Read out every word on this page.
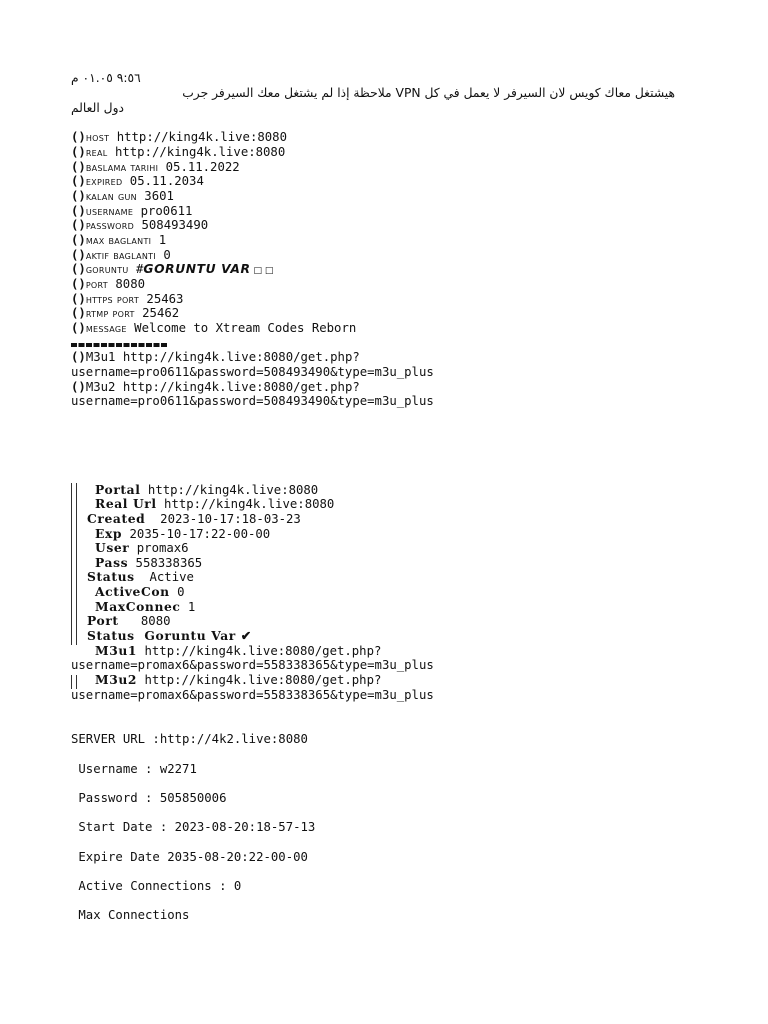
٩:٥٦ ٠١.٠٥ م
هيشتغل معاك كويس لان السيرفر لا يعمل في كل VPN ملاحظة إذا لم يشتغل معك السيرفر جرب
دول العالم
()host http://king4k.live:8080
()real http://king4k.live:8080
()baslama tarıhı 05.11.2022
()expıred 05.11.2034
()kalan gun 3601
()username pro0611
()password 508493490
()max baglantı 1
()aktıf baglantı 0
()goruntu #GORUNTU VAR □ □
()port 8080
()https port 25463
()rtmp port 25462
()message Welcome to Xtream Codes Reborn
()M3u1 http://king4k.live:8080/get.php?
username=pro0611&password=508493490&type=m3u_plus
()M3u2 http://king4k.live:8080/get.php?
username=pro0611&password=508493490&type=m3u_plus
Portal http://king4k.live:8080
Real Url http://king4k.live:8080
Created  2023-10-17:18-03-23
Exp 2035-10-17:22-00-00
User promax6
Pass 558338365
Status  Active
ActiveCon 0
MaxConnec 1
Port   8080
Status  Goruntu Var ✔
M3u1 http://king4k.live:8080/get.php?
username=promax6&password=558338365&type=m3u_plus
M3u2 http://king4k.live:8080/get.php?
username=promax6&password=558338365&type=m3u_plus
SERVER URL :http://4k2.live:8080
Username : w2271
Password : 505850006
Start Date : 2023-08-20:18-57-13
Expire Date 2035-08-20:22-00-00
Active Connections : 0
Max Connections
